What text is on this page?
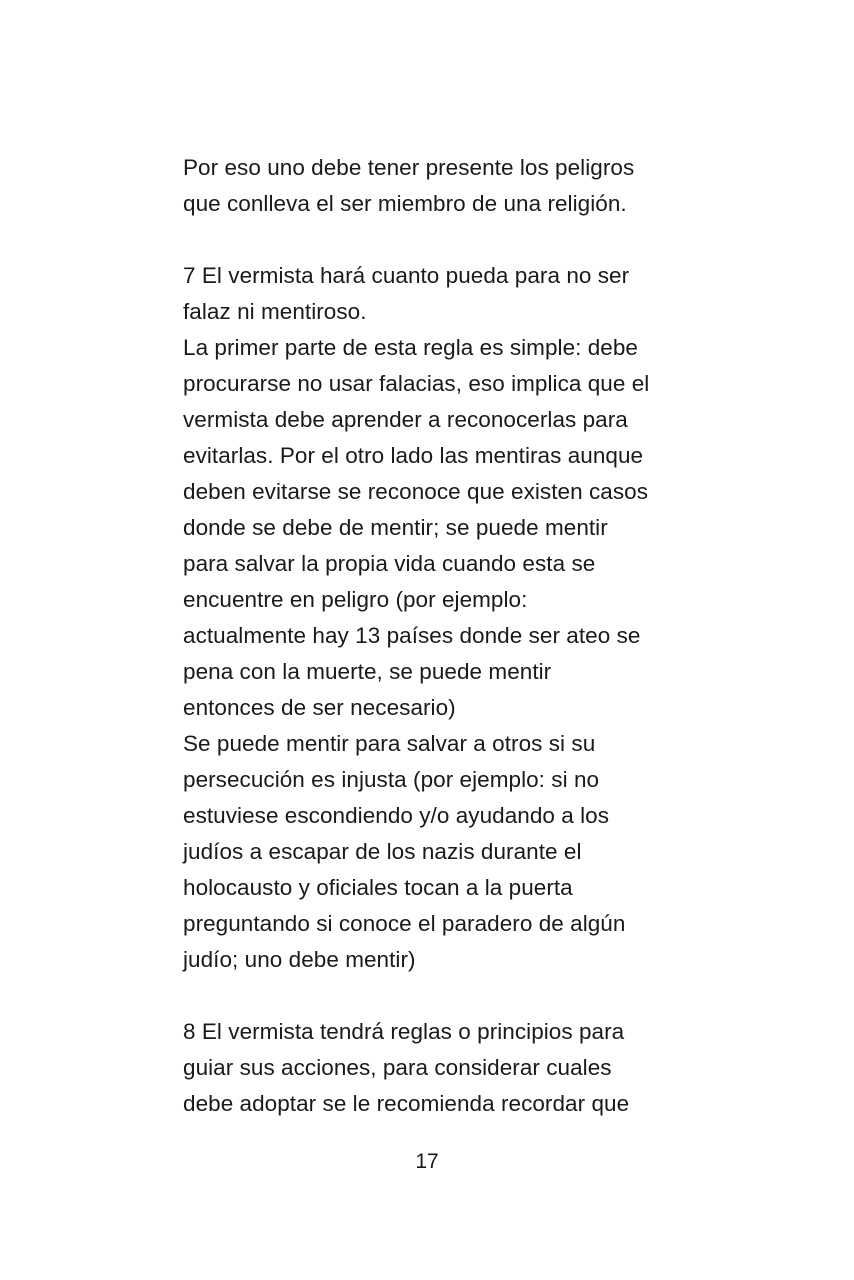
Por eso uno debe tener presente los peligros
que conlleva el ser miembro de una religión.
7 El vermista hará cuanto pueda para no ser
falaz ni mentiroso.
La primer parte de esta regla es simple: debe
procurarse no usar falacias, eso implica que el
vermista debe aprender a reconocerlas para
evitarlas. Por el otro lado las mentiras aunque
deben evitarse se reconoce que existen casos
donde se debe de mentir; se puede mentir
para salvar la propia vida cuando esta se
encuentre en peligro (por ejemplo:
actualmente hay 13 países donde ser ateo se
pena con la muerte, se puede mentir
entonces de ser necesario)
Se puede mentir para salvar a otros si su
persecución es injusta (por ejemplo: si no
estuviese escondiendo y/o ayudando a los
judíos a escapar de los nazis durante el
holocausto y oficiales tocan a la puerta
preguntando si conoce el paradero de algún
judío; uno debe mentir)
8 El vermista tendrá reglas o principios para
guiar sus acciones, para considerar cuales
debe adoptar se le recomienda recordar que
17
